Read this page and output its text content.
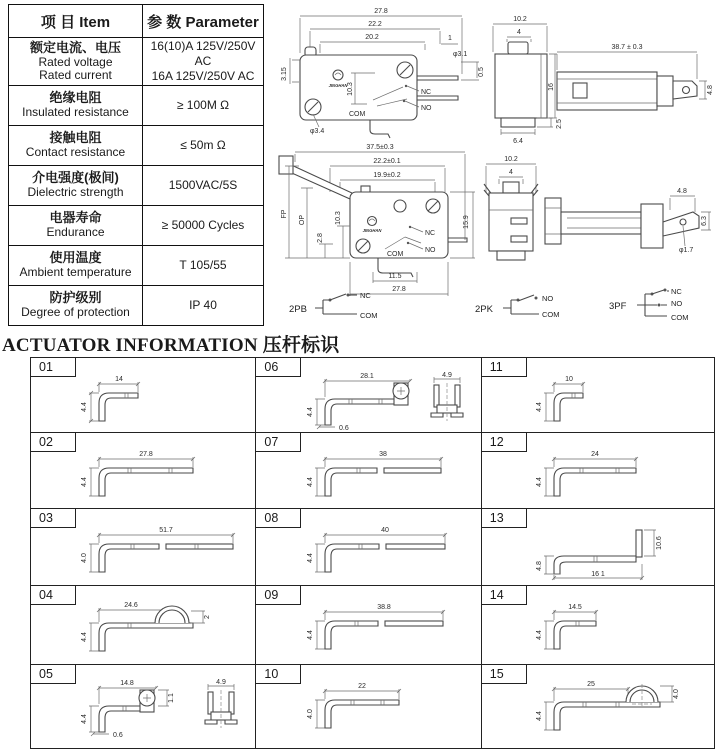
项 目 Item	参 数 Parameter

额定电流、电压
Rated voltage
Rated current	16(10)A 125V/250V AC
16A 125V/250V AC

绝缘电阻
Insulated resistance	≥ 100M Ω

接触电阻
Contact resistance	≤ 50m Ω

介电强度(极间)
Dielectric strength	1500VAC/5S

电器寿命
Endurance	≥ 50000 Cycles

使用温度
Ambient temperature	T 105/55

防护级别
Degree of protection	IP 40
27.8
22.2
20.2	1
φ3.1
0.5
3.15
JINGHAN 10.3	NC
NO
COM
φ3.4
10.2
4
16
6.4
2.5
38.7 ± 0.3
4.8
37.5±0.3
22.2±0.1
19.9±0.2
JINGHAN	NC
NO
COM
15.9
11.5
27.8
FP
OP
2.8
10.3
10.2
4
4.8
6.3
φ1.7
2PB
NC
COM
2PK
NO
COM
3PF
NC
NO
COM
ACTUATOR INFORMATION 压杆标识
01
14
4.4	06
28.1
4.4
0.6
4.9	11
10
4.4

02
27.8
4.4	07
38
4.4	12
24
4.4

03
51.7
4.0	08
40
4.4	13
4.8
16 1
10.6

04
24.6
4.4
2	09
38.8
4.4	14
14.5
4.4

05
14.8
4.4
1.1
0.6
4.9

10
22
4.0

15
25
4.4
4.0
